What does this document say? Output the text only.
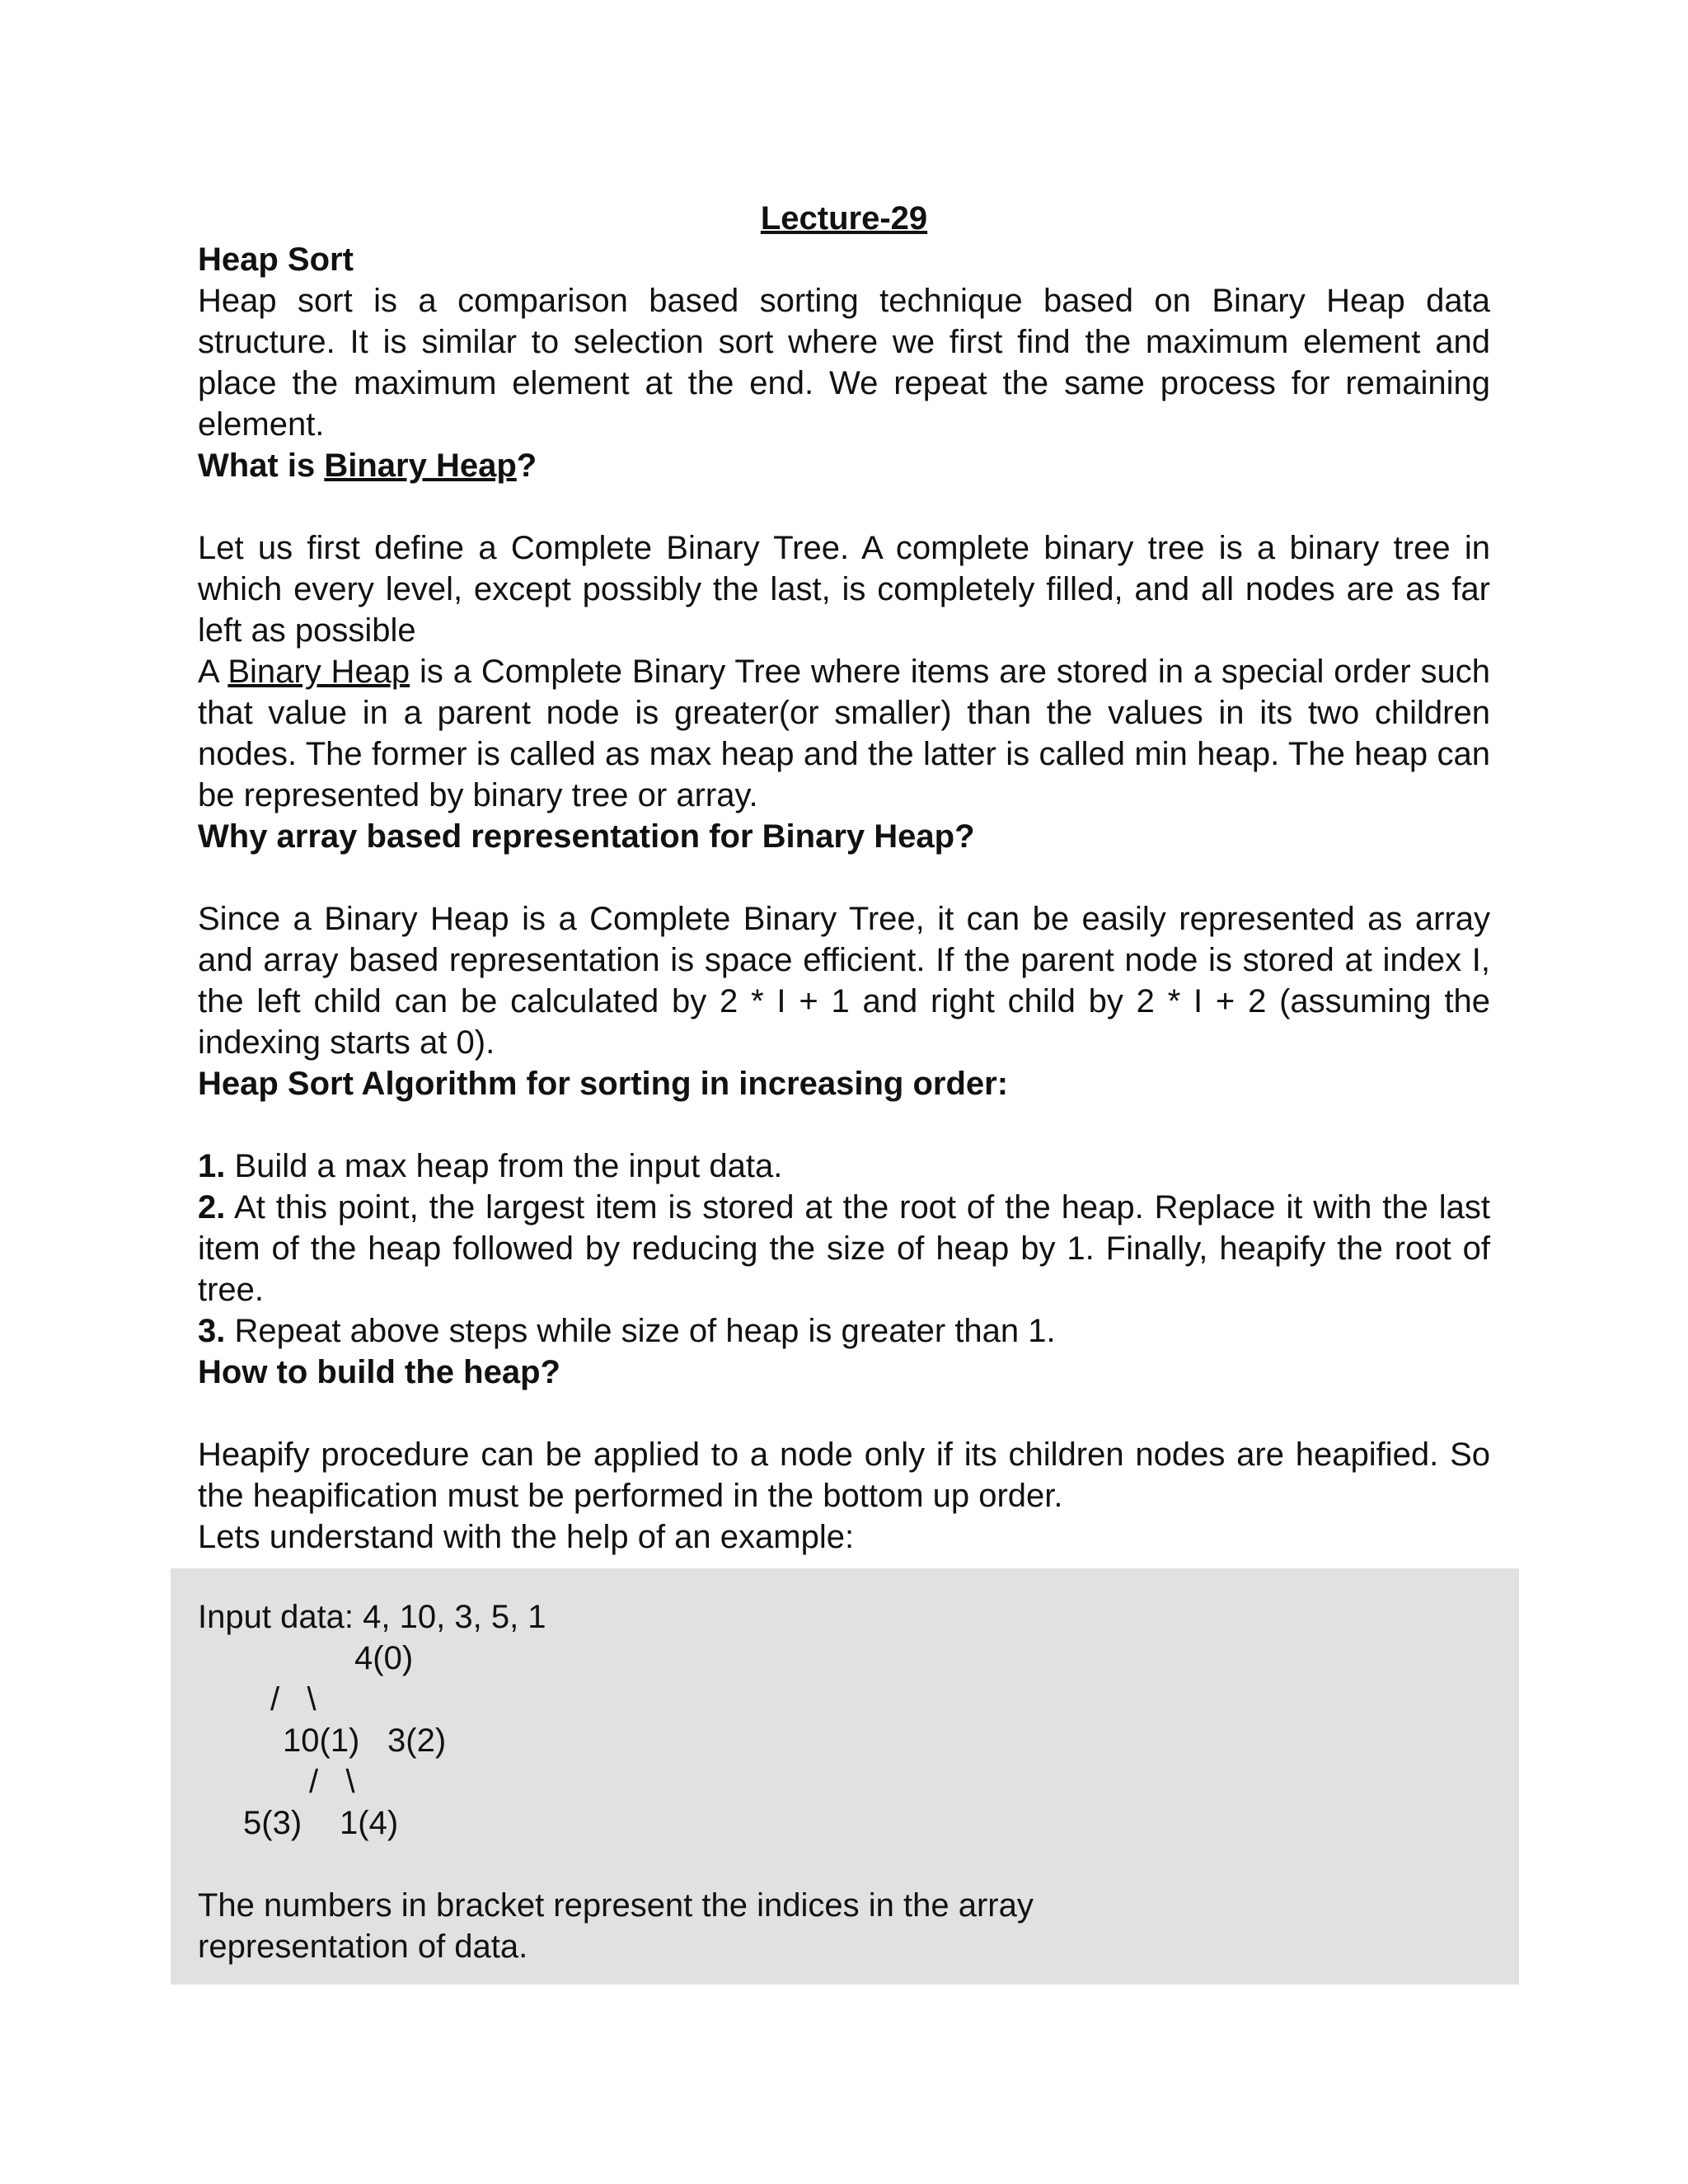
Lecture-29

Heap Sort

Heap sort is a comparison based sorting technique based on Binary Heap data structure. It is similar to selection sort where we first find the maximum element and place the maximum element at the end. We repeat the same process for remaining element.

What is Binary Heap?

Let us first define a Complete Binary Tree. A complete binary tree is a binary tree in which every level, except possibly the last, is completely filled, and all nodes are as far left as possible

A Binary Heap is a Complete Binary Tree where items are stored in a special order such that value in a parent node is greater(or smaller) than the values in its two children nodes. The former is called as max heap and the latter is called min heap. The heap can be represented by binary tree or array.

Why array based representation for Binary Heap?

Since a Binary Heap is a Complete Binary Tree, it can be easily represented as array and array based representation is space efficient. If the parent node is stored at index I, the left child can be calculated by 2 * I + 1 and right child by 2 * I + 2 (assuming the indexing starts at 0).

Heap Sort Algorithm for sorting in increasing order:

1. Build a max heap from the input data.

2. At this point, the largest item is stored at the root of the heap. Replace it with the last item of the heap followed by reducing the size of heap by 1. Finally, heapify the root of tree.

3. Repeat above steps while size of heap is greater than 1.

How to build the heap?

Heapify procedure can be applied to a node only if its children nodes are heapified. So the heapification must be performed in the bottom up order.

Lets understand with the help of an example:

Input data: 4, 10, 3, 5, 1
4(0)
/   \
10(1) 3(2)
/   \
5(3) 1(4)
The numbers in bracket represent the indices in the array
representation of data.
